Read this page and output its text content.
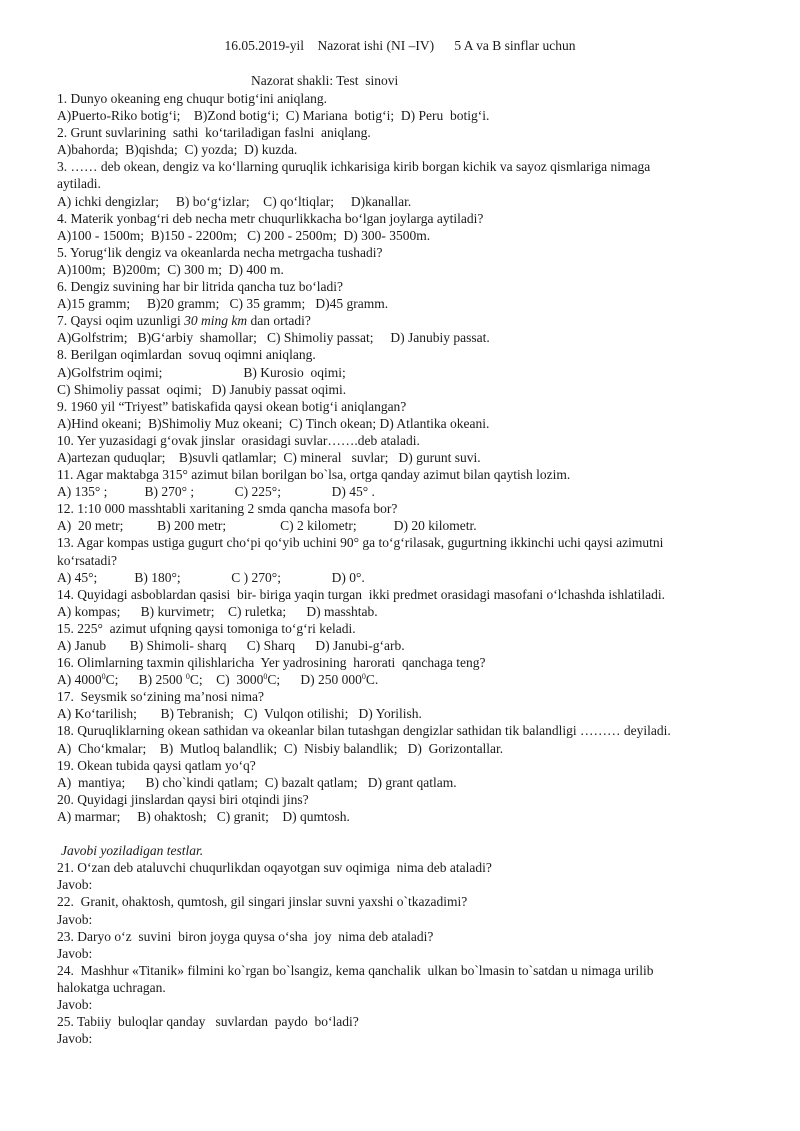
16.05.2019-yil Nazorat ishi (NI –IV) 5 A va B sinflar uchun
Nazorat shakli: Test  sinovi
1. Dunyo okeaning eng chuqur botig‘ini aniqlang.
A)Puerto-Riko botig‘i;    B)Zond botig‘i;  C) Mariana  botig‘i;  D) Peru  botig‘i.
2. Grunt suvlarining  sathi  ko‘tariladigan faslni  aniqlang.
A)bahorda;  B)qishda;  C) yozda;  D) kuzda.
3. …… deb okean, dengiz va ko‘llarning quruqlik ichkarisiga kirib borgan kichik va sayoz qismlariga nimaga
aytiladi.
A) ichki dengizlar;     B) bo‘g‘izlar;    C) qo‘ltiqlar;     D)kanallar.
4. Materik yonbag‘ri deb necha metr chuqurlikkacha bo‘lgan joylarga aytiladi?
A)100 - 1500m;  B)150 - 2200m;   C) 200 - 2500m;  D) 300- 3500m.
5. Yorug‘lik dengiz va okeanlarda necha metrgacha tushadi?
A)100m;  B)200m;  C) 300 m;  D) 400 m.
6. Dengiz suvining har bir litrida qancha tuz bo‘ladi?
A)15 gramm;     B)20 gramm;   C) 35 gramm;   D)45 gramm.
7. Qaysi oqim uzunligi 30 ming km dan ortadi?
A)Golfstrim;   B)G‘arbiy  shamollar;   C) Shimoliy passat;     D) Janubiy passat.
8. Berilgan oqimlardan  sovuq oqimni aniqlang.
A)Golfstrim oqimi;                        B) Kurosio  oqimi;
C) Shimoliy passat  oqimi;   D) Janubiy passat oqimi.
9. 1960 yil “Triyest” batiskafida qaysi okean botig‘i aniqlangan?
A)Hind okeani;  B)Shimoliy Muz okeani;  C) Tinch okean; D) Atlantika okeani.
10. Yer yuzasidagi g‘ovak jinslar  orasidagi suvlar…….deb ataladi.
A)artezan quduqlar;    B)suvli qatlamlar;  C) mineral   suvlar;   D) gurunt suvi.
11. Agar maktabga 315° azimut bilan borilgan bo`lsa, ortga qanday azimut bilan qaytish lozim.
A) 135° ;           B) 270° ;            C) 225°;               D) 45° .
12. 1:10 000 masshtabli xaritaning 2 smda qancha masofa bor?
A)  20 metr;          B) 200 metr;                C) 2 kilometr;           D) 20 kilometr.
13. Agar kompas ustiga gugurt cho‘pi qo‘yib uchini 90° ga to‘g‘rilasak, gugurtning ikkinchi uchi qaysi azimutni
ko‘rsatadi?
A) 45°;           B) 180°;               C ) 270°;               D) 0°.
14. Quyidagi asboblardan qasisi  bir- biriga yaqin turgan  ikki predmet orasidagi masofani o‘lchashda ishlatiladi.
A) kompas;      B) kurvimetr;    C) ruletka;      D) masshtab.
15. 225°  azimut ufqning qaysi tomoniga to‘g‘ri keladi.
A) Janub       B) Shimoli- sharq      C) Sharq      D) Janubi-g‘arb.
16. Olimlarning taxmin qilishlaricha  Yer yadrosining  harorati  qanchaga teng?
A) 4000$^0$C;      B) 2500 $^0$C;    C)  3000$^0$C;      D) 250 $000^0C$.
17.  Seysmik so‘zining ma’nosi nima?
A) Ko‘tarilish;       B) Tebranish;   C)  Vulqon otilishi;   D) Yorilish.
18. Quruqliklarning okean sathidan va okeanlar bilan tutashgan dengizlar sathidan tik balandligi ……… deyiladi.
A)  Cho‘kmalar;    B)  Mutloq balandlik;  C)  Nisbiy balandlik;   D)  Gorizontallar.
19. Okean tubida qaysi qatlam yo‘q?
A)  mantiya;      B) cho`kindi qatlam;  C) bazalt qatlam;   D) grant qatlam.
20. Quyidagi jinslardan qaysi biri otqindi jins?
A) marmar;     B) ohaktosh;   C) granit;    D) qumtosh.
Javobi yoziladigan testlar.
21. O‘zan deb ataluvchi chuqurlikdan oqayotgan suv oqimiga  nima deb ataladi?
Javob:
22.  Granit, ohaktosh, qumtosh, gil singari jinslar suvni yaxshi o`tkazadimi?
Javob:
23. Daryo o‘z  suvini  biron joyga quysa o‘sha  joy  nima deb ataladi?
Javob:
24.  Mashhur «Titanik» filmini ko`rgan bo`lsangiz, kema qanchalik  ulkan bo`lmasin to`satdan u nimaga urilib
halokatga uchragan.
Javob:
25. Tabiiy  buloqlar qanday   suvlardan  paydo  bo‘ladi?
Javob:
